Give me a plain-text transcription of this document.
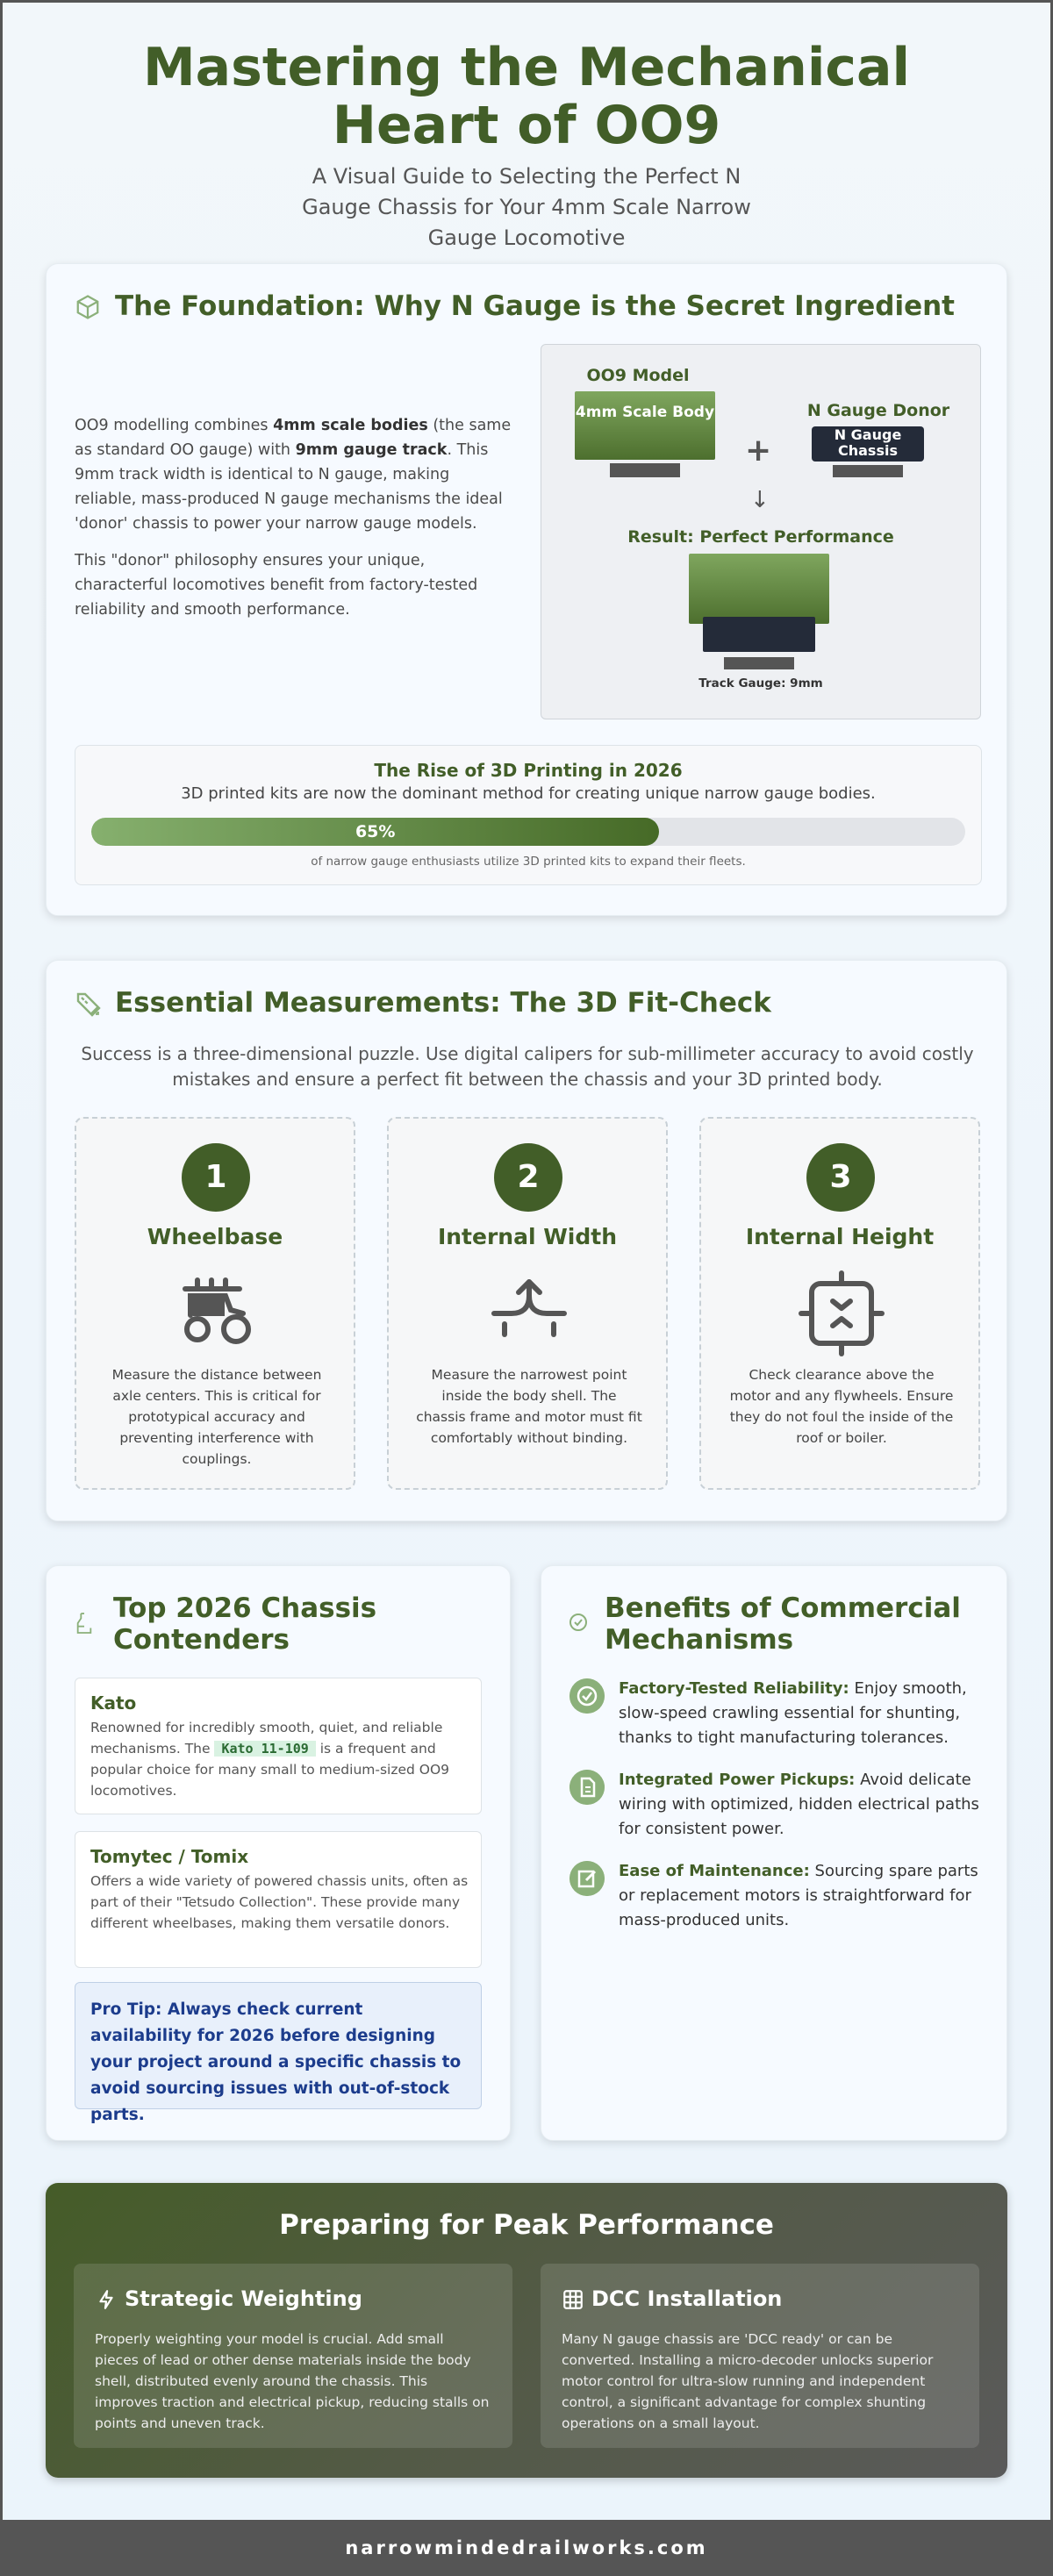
Mastering the Mechanical Heart of OO9

A Visual Guide to Selecting the Perfect N Gauge Chassis for Your 4mm Scale Narrow Gauge Locomotive

The Foundation: Why N Gauge is the Secret Ingredient

OO9 modelling combines 4mm scale bodies (the same as standard OO gauge) with 9mm gauge track. This 9mm track width is identical to N gauge, making reliable, mass-produced N gauge mechanisms the ideal 'donor' chassis to power your narrow gauge models.

This "donor" philosophy ensures your unique, characterful locomotives benefit from factory-tested reliability and smooth performance.

OO9 Model
4mm Scale Body
+
N Gauge Donor
N Gauge Chassis
↓
Result: Perfect Performance
Track Gauge: 9mm
The Rise of 3D Printing in 2026
3D printed kits are now the dominant method for creating unique narrow gauge bodies.
65%
of narrow gauge enthusiasts utilize 3D printed kits to expand their fleets.
Essential Measurements: The 3D Fit-Check

Success is a three-dimensional puzzle. Use digital calipers for sub-millimeter accuracy to avoid costly mistakes and ensure a perfect fit between the chassis and your 3D printed body.

1
Wheelbase

Measure the distance between axle centers. This is critical for prototypical accuracy and preventing interference with couplings.

2
Internal Width

Measure the narrowest point inside the body shell. The chassis frame and motor must fit comfortably without binding.

3
Internal Height

Check clearance above the motor and any flywheels. Ensure they do not foul the inside of the roof or boiler.

Top 2026 Chassis Contenders
Kato
Renowned for incredibly smooth, quiet, and reliable mechanisms. The Kato 11-109 is a frequent and popular choice for many small to medium-sized OO9 locomotives.
Tomytec / Tomix
Offers a wide variety of powered chassis units, often as part of their "Tetsudo Collection". These provide many different wheelbases, making them versatile donors.
Pro Tip: Always check current availability for 2026 before designing your project around a specific chassis to avoid sourcing issues with out-of-stock parts.
Benefits of Commercial Mechanisms
Factory-Tested Reliability: Enjoy smooth, slow-speed crawling essential for shunting, thanks to tight manufacturing tolerances.
Integrated Power Pickups: Avoid delicate wiring with optimized, hidden electrical paths for consistent power.
Ease of Maintenance: Sourcing spare parts or replacement motors is straightforward for mass-produced units.
Preparing for Peak Performance
Strategic Weighting
Properly weighting your model is crucial. Add small pieces of lead or other dense materials inside the body shell, distributed evenly around the chassis. This improves traction and electrical pickup, reducing stalls on points and uneven track.
DCC Installation
Many N gauge chassis are 'DCC ready' or can be converted. Installing a micro-decoder unlocks superior motor control for ultra-slow running and independent control, a significant advantage for complex shunting operations on a small layout.
narrowmindedrailworks.com
